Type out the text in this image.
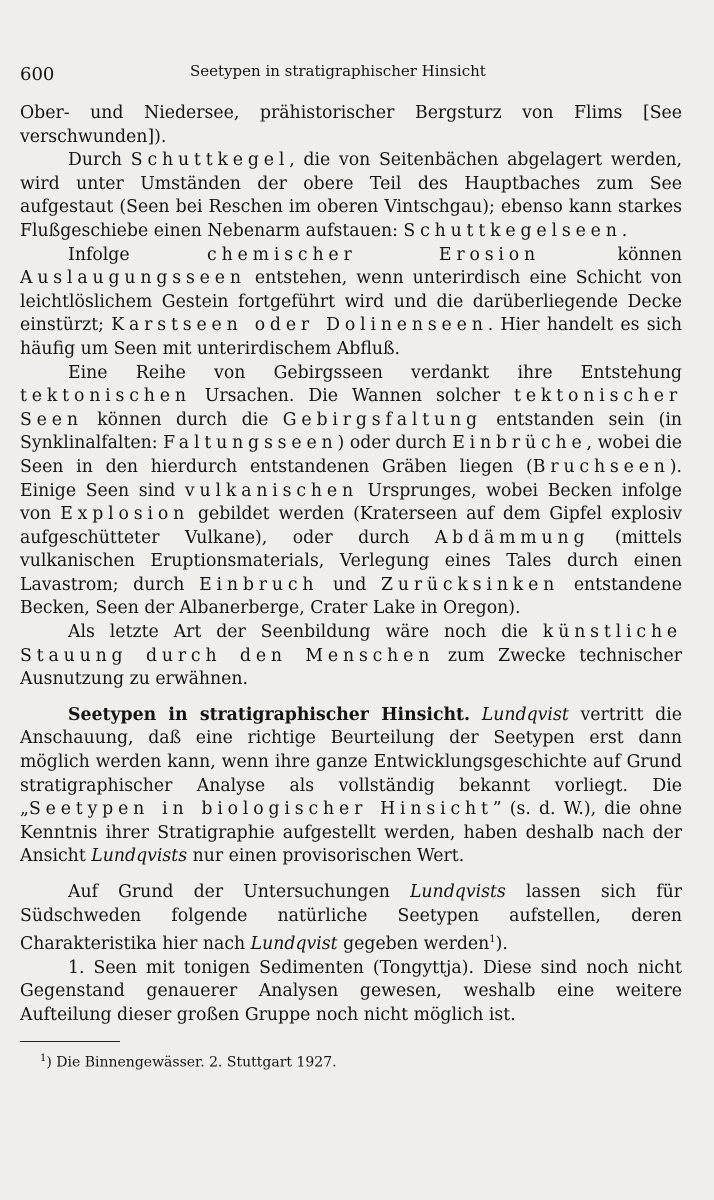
600	Seetypen in stratigraphischer Hinsicht

Ober- und Niedersee, prähistorischer Bergsturz von Flims [See verschwunden]).

Durch Schuttkegel, die von Seitenbächen abgelagert werden, wird unter Umständen der obere Teil des Hauptbaches zum See aufgestaut (Seen bei Reschen im oberen Vintschgau); ebenso kann starkes Flußgeschiebe einen Nebenarm aufstauen: Schuttkegelseen.

Infolge chemischer Erosion können Auslaugungsseen entstehen, wenn unterirdisch eine Schicht von leichtlöslichem Gestein fortgeführt wird und die darüberliegende Decke einstürzt; Karstseen oder Dolinenseen. Hier handelt es sich häufig um Seen mit unterirdischem Abfluß.

Eine Reihe von Gebirgsseen verdankt ihre Entstehung tektonischen Ursachen. Die Wannen solcher tektonischer Seen können durch die Gebirgsfaltung entstanden sein (in Synklinalfalten: Faltungsseen) oder durch Einbrüche, wobei die Seen in den hierdurch entstandenen Gräben liegen (Bruchseen). Einige Seen sind vulkanischen Ursprunges, wobei Becken infolge von Explosion gebildet werden (Kraterseen auf dem Gipfel explosiv aufgeschütteter Vulkane), oder durch Abdämmung (mittels vulkanischen Eruptionsmaterials, Verlegung eines Tales durch einen Lavastrom; durch Einbruch und Zurücksinken entstandene Becken, Seen der Albanerberge, Crater Lake in Oregon).

Als letzte Art der Seenbildung wäre noch die künstliche Stauung durch den Menschen zum Zwecke technischer Ausnutzung zu erwähnen.

Seetypen in stratigraphischer Hinsicht. Lundqvist vertritt die Anschauung, daß eine richtige Beurteilung der Seetypen erst dann möglich werden kann, wenn ihre ganze Entwicklungsgeschichte auf Grund stratigraphischer Analyse als vollständig bekannt vorliegt. Die „Seetypen in biologischer Hinsicht” (s. d. W.), die ohne Kenntnis ihrer Stratigraphie aufgestellt werden, haben deshalb nach der Ansicht Lundqvists nur einen provisorischen Wert.

Auf Grund der Untersuchungen Lundqvists lassen sich für Südschweden folgende natürliche Seetypen aufstellen, deren Charakteristika hier nach Lundqvist gegeben werden$^1$).

1. Seen mit tonigen Sedimenten (Tongyttja). Diese sind noch nicht Gegenstand genauerer Analysen gewesen, weshalb eine weitere Aufteilung dieser großen Gruppe noch nicht möglich ist.

$^1$) Die Binnengewässer. 2. Stuttgart 1927.
